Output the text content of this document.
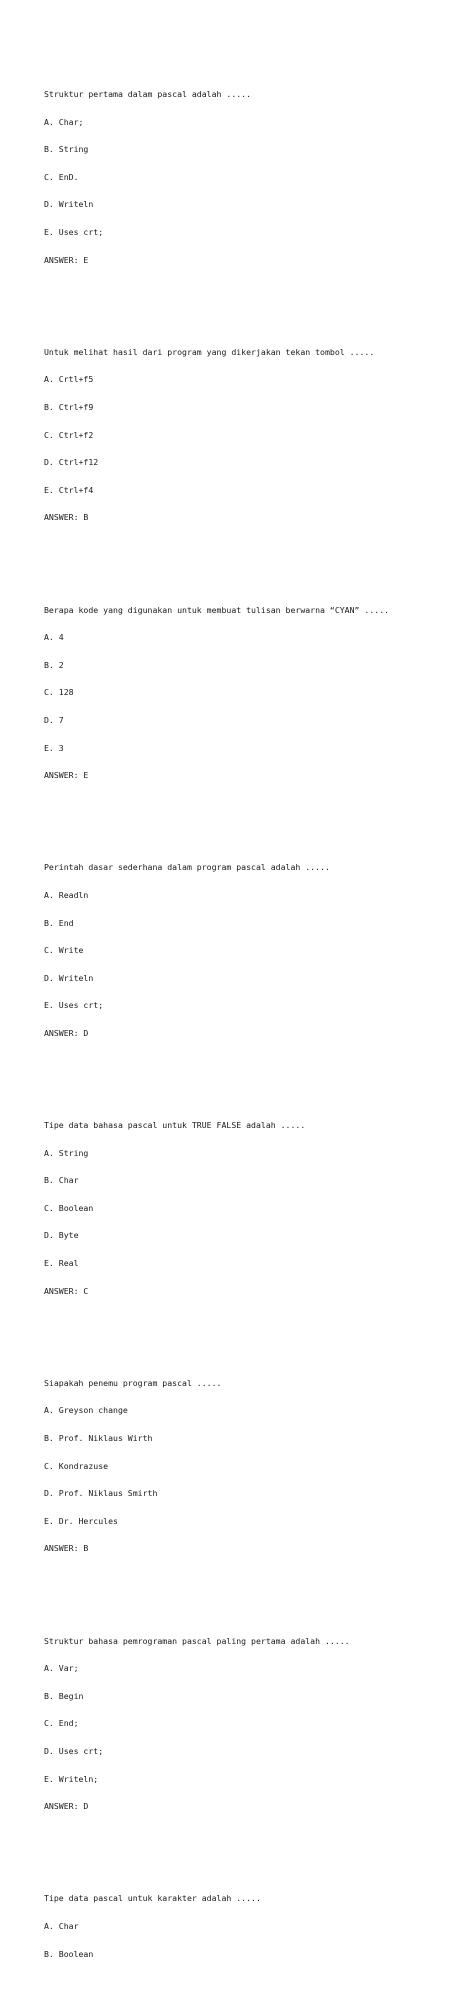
Struktur pertama dalam pascal adalah .....

A. Char;

B. String

C. EnD.

D. Writeln

E. Uses crt;

ANSWER: E

Untuk melihat hasil dari program yang dikerjakan tekan tombol .....

A. Crtl+f5

B. Ctrl+f9

C. Ctrl+f2

D. Ctrl+f12

E. Ctrl+f4

ANSWER: B

Berapa kode yang digunakan untuk membuat tulisan berwarna “CYAN” .....

A. 4

B. 2

C. 128

D. 7

E. 3

ANSWER: E

Perintah dasar sederhana dalam program pascal adalah .....

A. Readln

B. End

C. Write

D. Writeln

E. Uses crt;

ANSWER: D

Tipe data bahasa pascal untuk TRUE FALSE adalah .....

A. String

B. Char

C. Boolean

D. Byte

E. Real

ANSWER: C

Siapakah penemu program pascal .....

A. Greyson change

B. Prof. Niklaus Wirth

C. Kondrazuse

D. Prof. Niklaus Smirth

E. Dr. Hercules

ANSWER: B

Struktur bahasa pemrograman pascal paling pertama adalah .....

A. Var;

B. Begin

C. End;

D. Uses crt;

E. Writeln;

ANSWER: D

Tipe data pascal untuk karakter adalah .....

A. Char

B. Boolean
